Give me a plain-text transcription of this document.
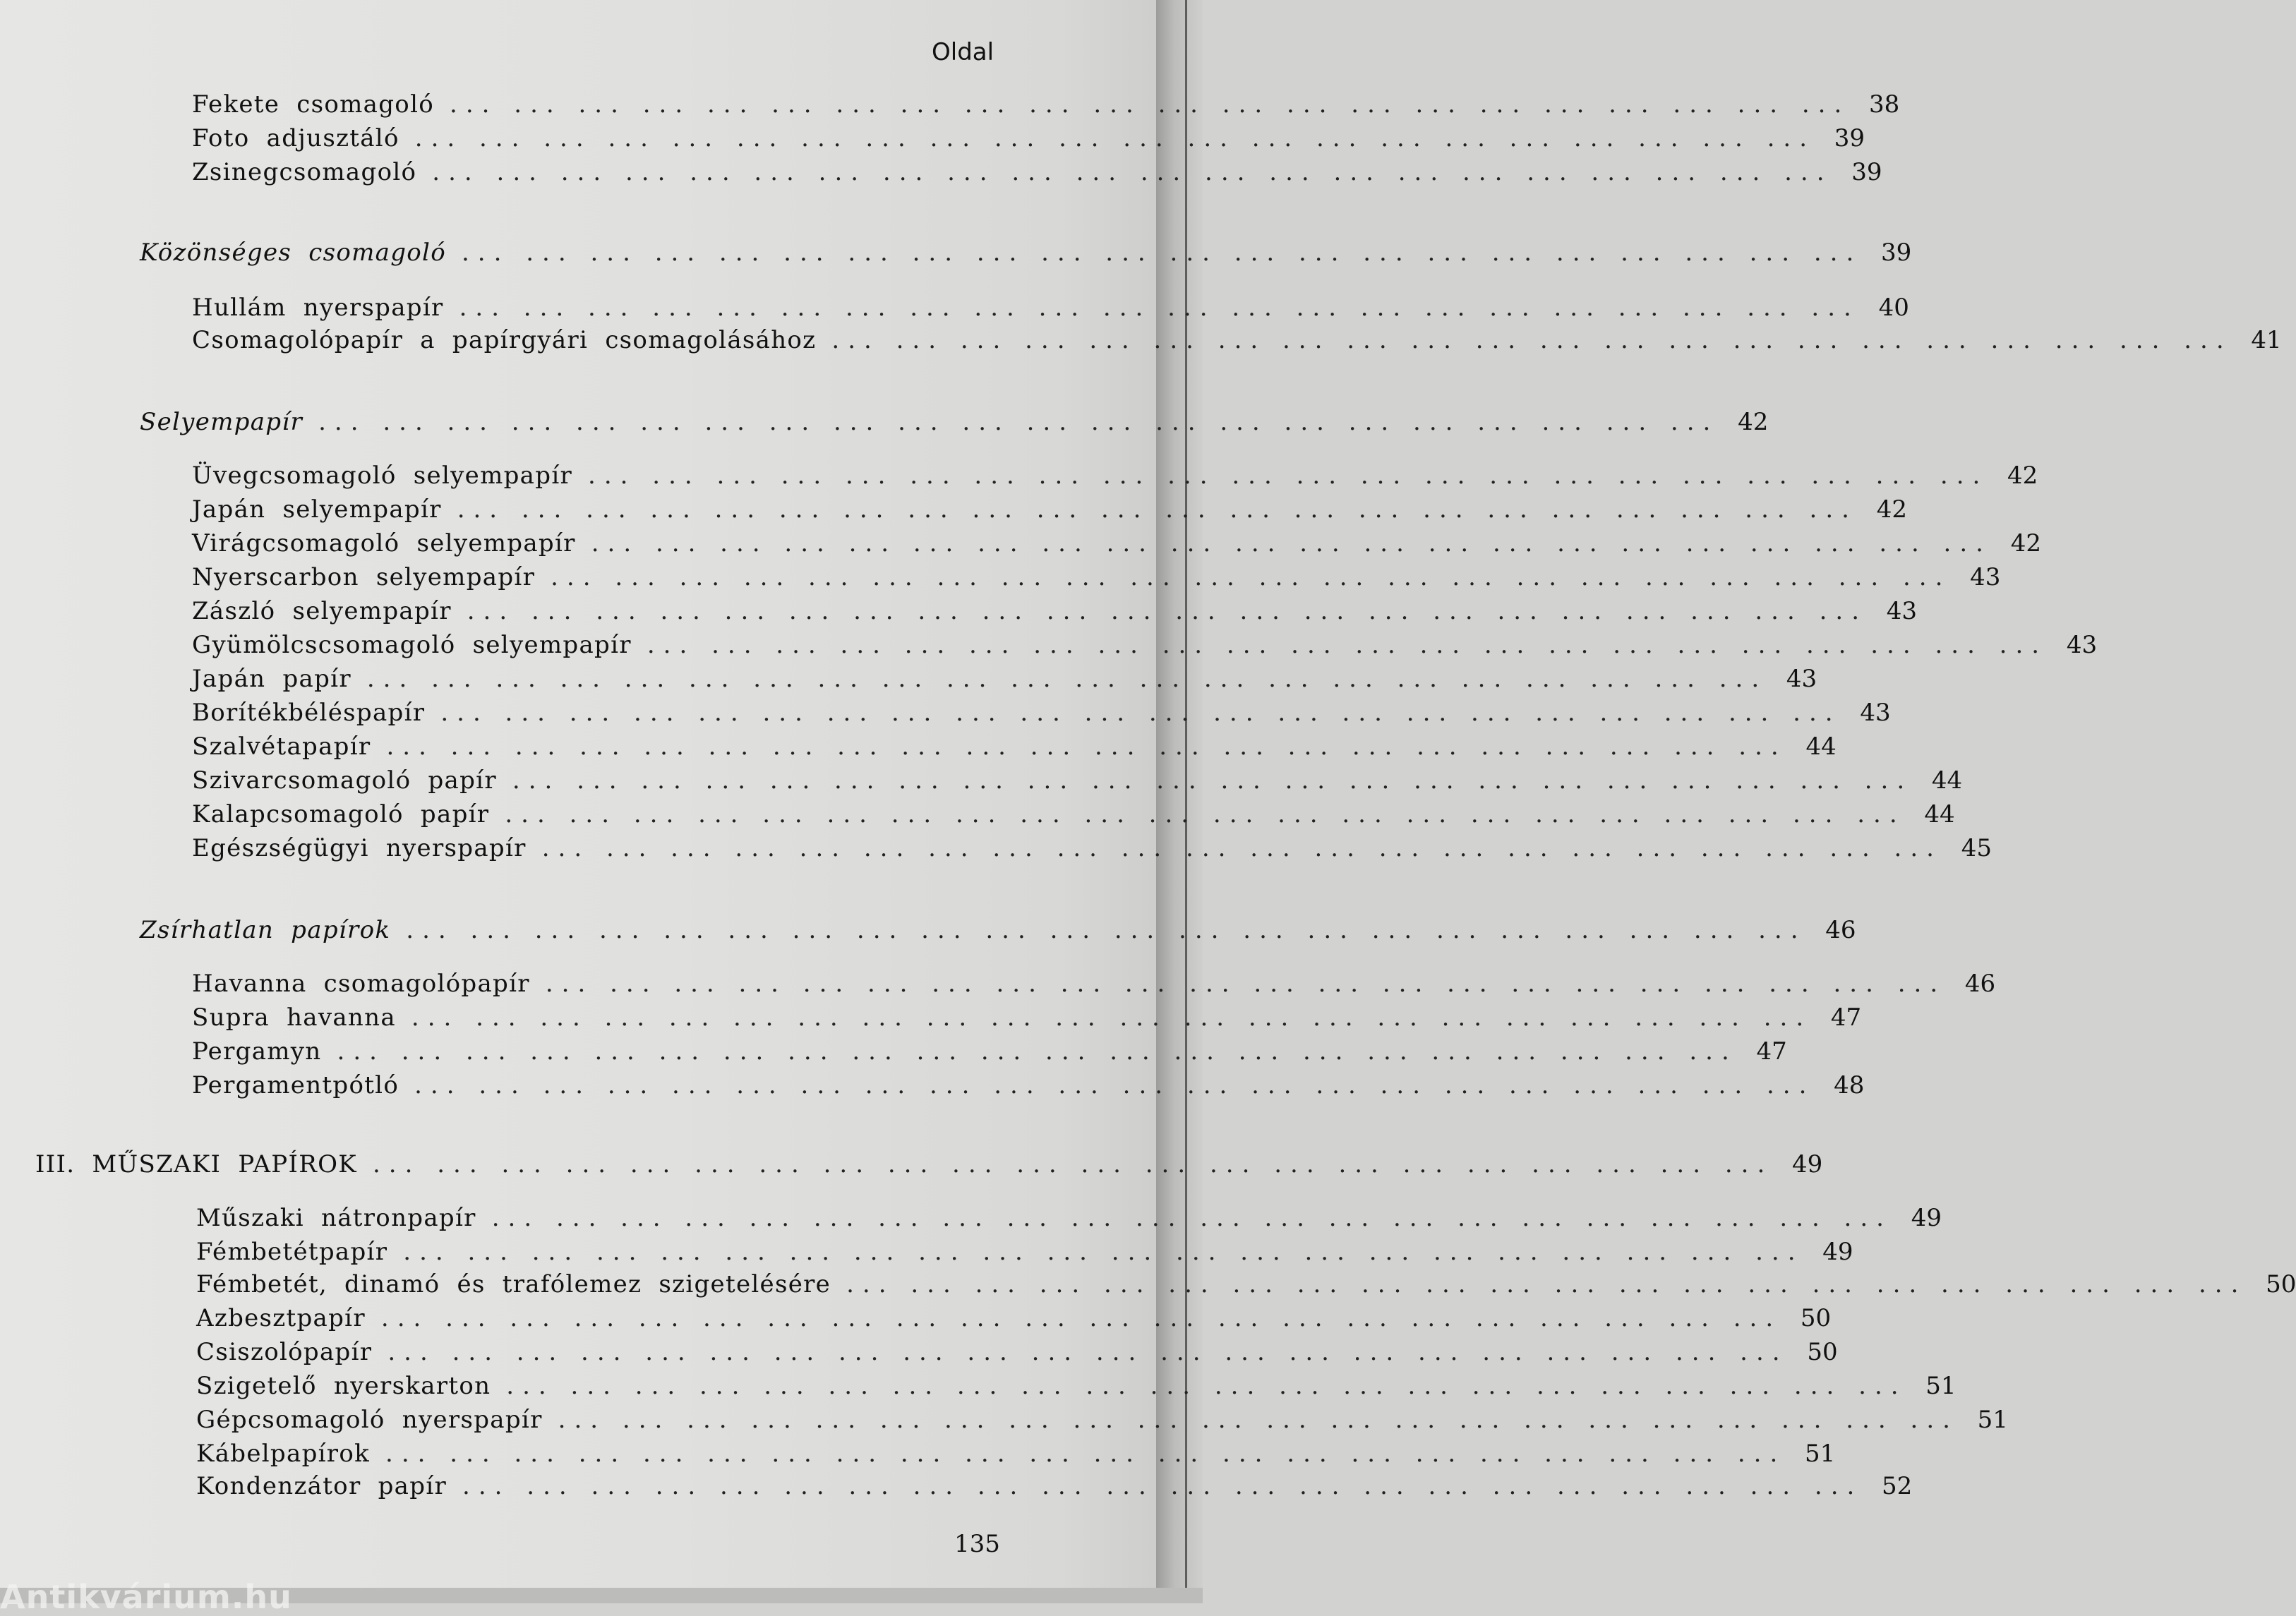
Oldal
Fekete csomagoló ... ... ... ... ... ... ... ... ... ... ... ... ... ... ... ... ... ... ... ... ... ... 38
Foto adjusztáló ... ... ... ... ... ... ... ... ... ... ... ... ... ... ... ... ... ... ... ... ... ... 39
Zsinegcsomagoló ... ... ... ... ... ... ... ... ... ... ... ... ... ... ... ... ... ... ... ... ... ... 39
Közönséges csomagoló ... ... ... ... ... ... ... ... ... ... ... ... ... ... ... ... ... ... ... ... ... ... 39
Hullám nyerspapír ... ... ... ... ... ... ... ... ... ... ... ... ... ... ... ... ... ... ... ... ... ... 40
Csomagolópapír a papírgyári csomagolásához ... ... ... ... ... ... ... ... ... ... ... ... ... ... ... ... ... ... ... ... ... ... 41
Selyempapír ... ... ... ... ... ... ... ... ... ... ... ... ... ... ... ... ... ... ... ... ... ... 42
Üvegcsomagoló selyempapír ... ... ... ... ... ... ... ... ... ... ... ... ... ... ... ... ... ... ... ... ... ... 42
Japán selyempapír ... ... ... ... ... ... ... ... ... ... ... ... ... ... ... ... ... ... ... ... ... ... 42
Virágcsomagoló selyempapír ... ... ... ... ... ... ... ... ... ... ... ... ... ... ... ... ... ... ... ... ... ... 42
Nyerscarbon selyempapír ... ... ... ... ... ... ... ... ... ... ... ... ... ... ... ... ... ... ... ... ... ... 43
Zászló selyempapír ... ... ... ... ... ... ... ... ... ... ... ... ... ... ... ... ... ... ... ... ... ... 43
Gyümölcscsomagoló selyempapír ... ... ... ... ... ... ... ... ... ... ... ... ... ... ... ... ... ... ... ... ... ... 43
Japán papír ... ... ... ... ... ... ... ... ... ... ... ... ... ... ... ... ... ... ... ... ... ... 43
Borítékbéléspapír ... ... ... ... ... ... ... ... ... ... ... ... ... ... ... ... ... ... ... ... ... ... 43
Szalvétapapír ... ... ... ... ... ... ... ... ... ... ... ... ... ... ... ... ... ... ... ... ... ... 44
Szivarcsomagoló papír ... ... ... ... ... ... ... ... ... ... ... ... ... ... ... ... ... ... ... ... ... ... 44
Kalapcsomagoló papír ... ... ... ... ... ... ... ... ... ... ... ... ... ... ... ... ... ... ... ... ... ... 44
Egészségügyi nyerspapír ... ... ... ... ... ... ... ... ... ... ... ... ... ... ... ... ... ... ... ... ... ... 45
Zsírhatlan papírok ... ... ... ... ... ... ... ... ... ... ... ... ... ... ... ... ... ... ... ... ... ... 46
Havanna csomagolópapír ... ... ... ... ... ... ... ... ... ... ... ... ... ... ... ... ... ... ... ... ... ... 46
Supra havanna ... ... ... ... ... ... ... ... ... ... ... ... ... ... ... ... ... ... ... ... ... ... 47
Pergamyn ... ... ... ... ... ... ... ... ... ... ... ... ... ... ... ... ... ... ... ... ... ... 47
Pergamentpótló ... ... ... ... ... ... ... ... ... ... ... ... ... ... ... ... ... ... ... ... ... ... 48
III. MŰSZAKI PAPÍROK ... ... ... ... ... ... ... ... ... ... ... ... ... ... ... ... ... ... ... ... ... ... 49
Műszaki nátronpapír ... ... ... ... ... ... ... ... ... ... ... ... ... ... ... ... ... ... ... ... ... ... 49
Fémbetétpapír ... ... ... ... ... ... ... ... ... ... ... ... ... ... ... ... ... ... ... ... ... ... 49
Fémbetét, dinamó és trafólemez szigetelésére ... ... ... ... ... ... ... ... ... ... ... ... ... ... ... ... ... ... ... ... ... ... 50
Azbesztpapír ... ... ... ... ... ... ... ... ... ... ... ... ... ... ... ... ... ... ... ... ... ... 50
Csiszolópapír ... ... ... ... ... ... ... ... ... ... ... ... ... ... ... ... ... ... ... ... ... ... 50
Szigetelő nyerskarton ... ... ... ... ... ... ... ... ... ... ... ... ... ... ... ... ... ... ... ... ... ... 51
Gépcsomagoló nyerspapír ... ... ... ... ... ... ... ... ... ... ... ... ... ... ... ... ... ... ... ... ... ... 51
Kábelpapírok ... ... ... ... ... ... ... ... ... ... ... ... ... ... ... ... ... ... ... ... ... ... 51
Kondenzátor papír ... ... ... ... ... ... ... ... ... ... ... ... ... ... ... ... ... ... ... ... ... ... 52
135
Antikvárium.hu
